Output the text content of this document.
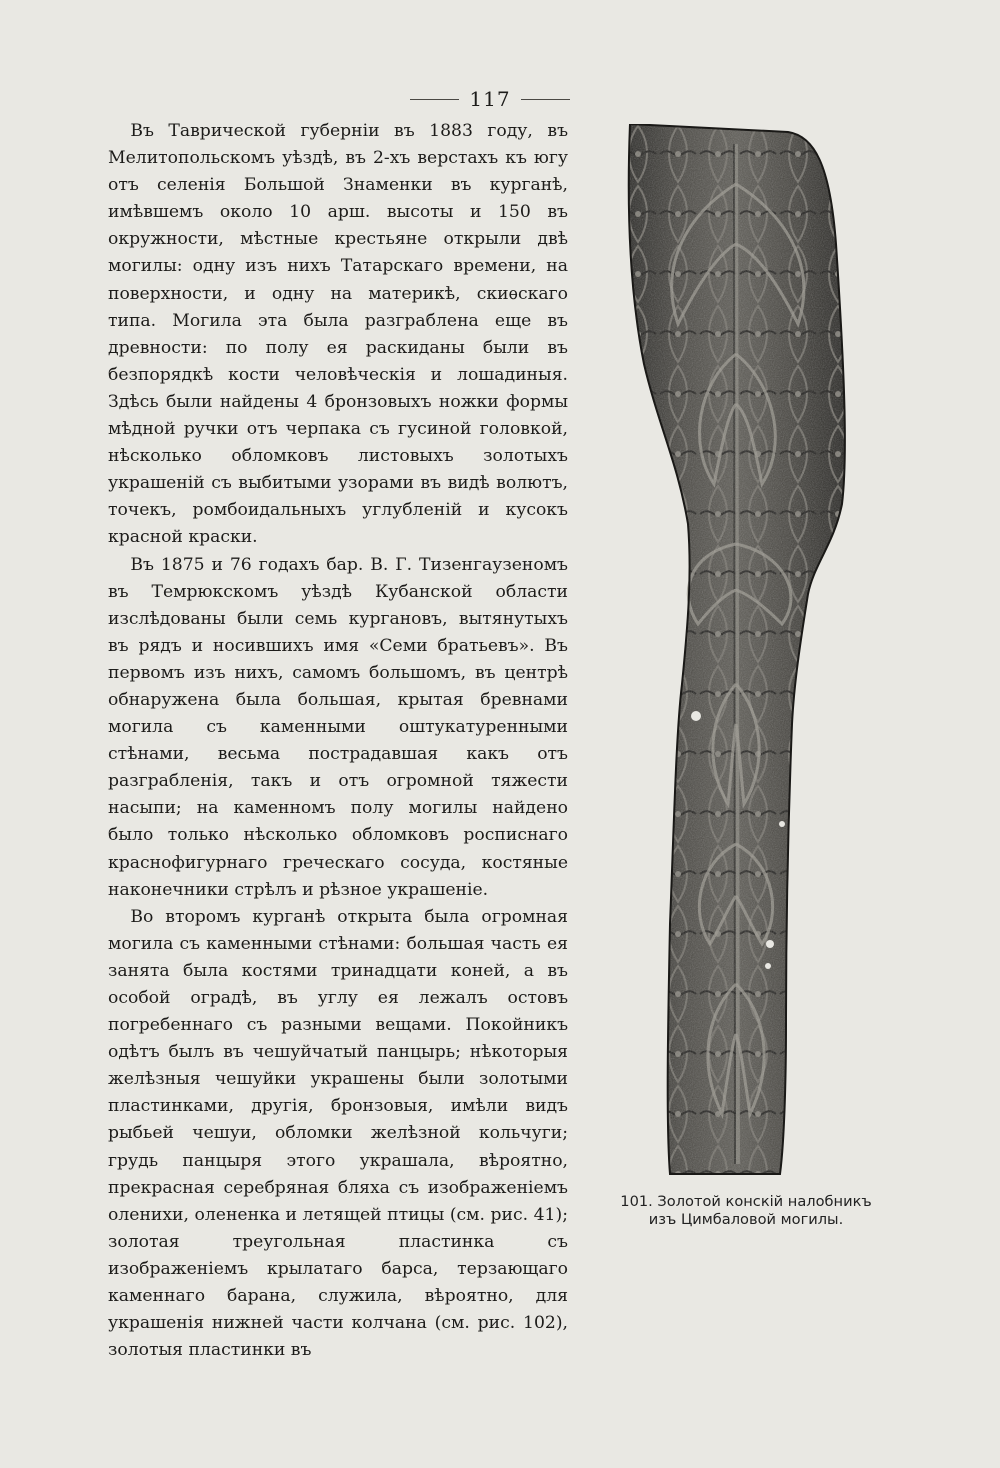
117

Въ Таврической губерніи въ 1883 году, въ Мелитопольскомъ уѣздѣ, въ 2-хъ верстахъ къ югу отъ селенія Большой Знаменки въ курганѣ, имѣвшемъ около 10 арш. высоты и 150 въ окружности, мѣстные крестьяне открыли двѣ могилы: одну изъ нихъ Татарскаго времени, на поверхности, и одну на материкѣ, скиѳскаго типа. Могила эта была разграблена еще въ древности: по полу ея раскиданы были въ безпорядкѣ кости человѣческія и лошадиныя. Здѣсь были найдены 4 бронзовыхъ ножки формы мѣдной ручки отъ черпака съ гусиной головкой, нѣсколько обломковъ листовыхъ золотыхъ украшеній съ выбитыми узорами въ видѣ волютъ, точекъ, ромбоидальныхъ углубленій и кусокъ красной краски.

Въ 1875 и 76 годахъ бар. В. Г. Тизенгаузеномъ въ Темрюкскомъ уѣздѣ Кубанской области изслѣдованы были семь кургановъ, вытянутыхъ въ рядъ и носившихъ имя «Семи братьевъ». Въ первомъ изъ нихъ, самомъ большомъ, въ центрѣ обнаружена была большая, крытая бревнами могила съ каменными оштукатуренными стѣнами, весьма пострадавшая какъ отъ разграбленія, такъ и отъ огромной тяжести насыпи; на каменномъ полу могилы найдено было только нѣсколько обломковъ росписнаго краснофигурнаго греческаго сосуда, костяные наконечники стрѣлъ и рѣзное украшеніе.

Во второмъ курганѣ открыта была огромная могила съ каменными стѣнами: большая часть ея занята была костями тринадцати коней, а въ особой оградѣ, въ углу ея лежалъ остовъ погребеннаго съ разными вещами. Покойникъ одѣтъ былъ въ чешуйчатый панцырь; нѣкоторыя желѣзныя чешуйки украшены были золотыми пластинками, другія, бронзовыя, имѣли видъ рыбьей чешуи, обломки желѣзной кольчуги; грудь панцыря этого украшала, вѣроятно, прекрасная серебряная бляха съ изображеніемъ оленихи, олененка и летящей птицы (см. рис. 41); золотая треугольная пластинка съ изображеніемъ крылатаго барса, терзающаго каменнаго барана, служила, вѣроятно, для украшенія нижней части колчана (см. рис. 102), золотыя пластинки въ

101. Золотой конскій налобникъ
изъ Цимбаловой могилы.
